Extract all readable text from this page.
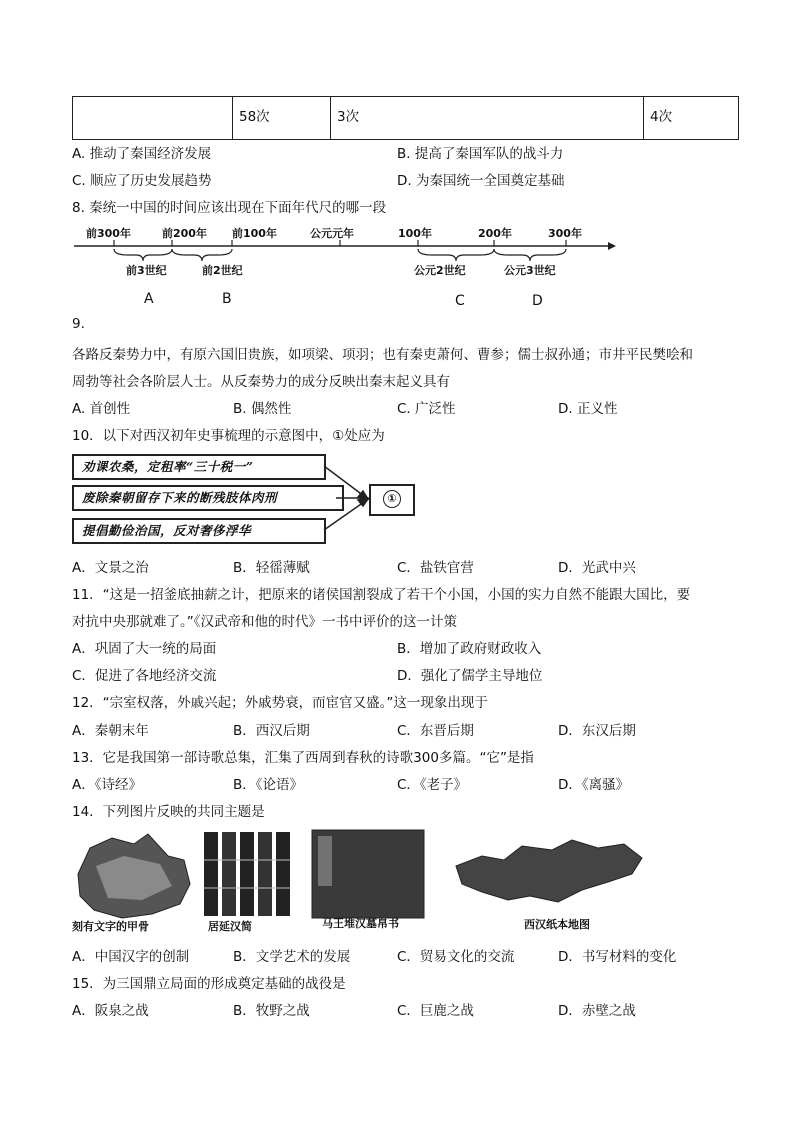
	58次	3次	4次
A. 推动了秦国经济发展	B. 提高了秦国军队的战斗力
C. 顺应了历史发展趋势	D. 为秦国统一全国奠定基础
8. 秦统一中国的时间应该出现在下面年代尺的哪一段
前300年	前200年 前100年	公元元年	100年	200年	300年
前3世纪	前2世纪	公元2世纪	公元3世纪
A	B	C	D
9.
各路反秦势力中，有原六国旧贵族，如项梁、项羽；也有秦吏萧何、曹参；儒士叔孙通；市井平民樊哙和
周勃等社会各阶层人士。从反秦势力的成分反映出秦末起义具有
A. 首创性	B. 偶然性	C. 广泛性	D. 正义性
10．以下对西汉初年史事梳理的示意图中，①处应为
劝课农桑，定租率“三十税一”
废除秦朝留存下来的断残肢体肉刑
提倡勤俭治国，反对奢侈浮华
①
A．文景之治	B．轻徭薄赋	C．盐铁官营	D．光武中兴
11．“这是一招釜底抽薪之计，把原来的诸侯国割裂成了若干个小国，小国的实力自然不能跟大国比，要
对抗中央那就难了。”《汉武帝和他的时代》一书中评价的这一计策
A．巩固了大一统的局面	B．增加了政府财政收入
C．促进了各地经济交流	D．强化了儒学主导地位
12．“宗室权落，外戚兴起；外戚势衰，而宦官又盛。”这一现象出现于
A．秦朝末年	B．西汉后期	C．东晋后期	D．东汉后期
13．它是我国第一部诗歌总集，汇集了西周到春秋的诗歌300多篇。“它”是指
A．《诗经》	B．《论语》	C．《老子》	D．《离骚》
14．下列图片反映的共同主题是
刻有文字的甲骨	居延汉简	马王堆汉墓帛书	西汉纸本地图
A．中国汉字的创制	B．文学艺术的发展	C．贸易文化的交流	D．书写材料的变化
15．为三国鼎立局面的形成奠定基础的战役是
A．阪泉之战	B．牧野之战	C．巨鹿之战	D．赤壁之战
